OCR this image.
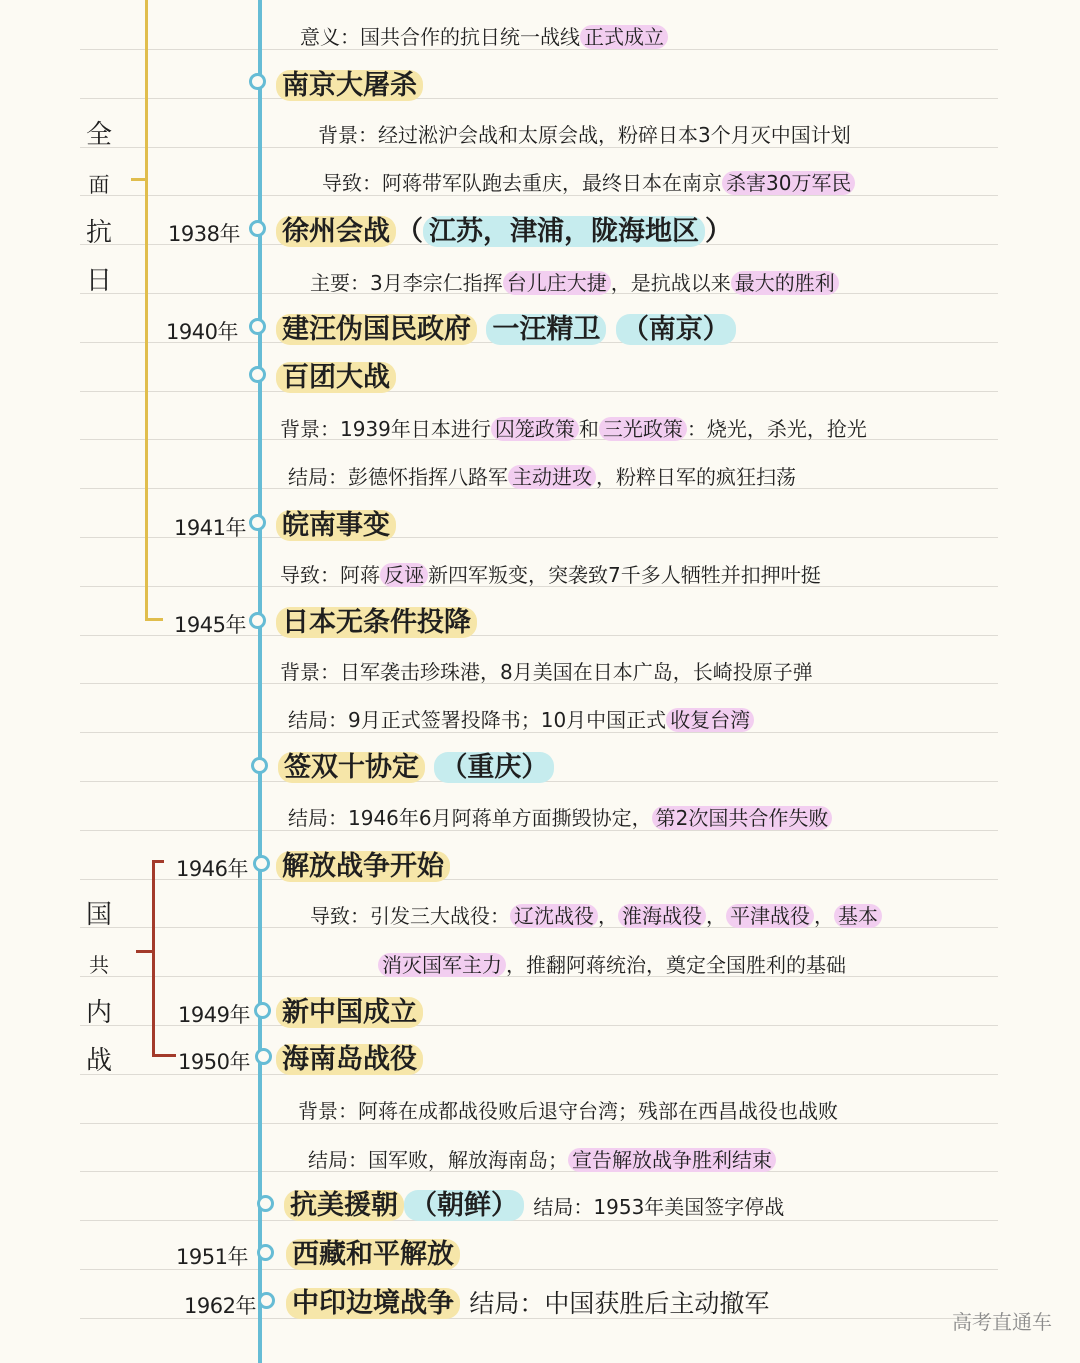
全
面
抗
日
国
共
内
战
意义：国共合作的抗日统一战线 正式成立
南京大屠杀
背景：经过淞沪会战和太原会战，粉碎日本3个月灭中国计划
导致：阿蒋带军队跑去重庆，最终日本在南京 杀害30万军民
1938年 徐州会战 （ 江苏，津浦，陇海地区 ）
主要：3月李宗仁指挥 台儿庄大捷 ，是抗战以来 最大的胜利
1940年 建汪伪国民政府 一汪精卫 （南京）
百团大战
背景：1939年日本进行 囚笼政策 和 三光政策 ：烧光，杀光，抢光
结局：彭德怀指挥八路军 主动进攻 ，粉粹日军的疯狂扫荡
1941年 皖南事变
导致：阿蒋 反诬 新四军叛变，突袭致7千多人牺牲并扣押叶挺
1945年 日本无条件投降
背景：日军袭击珍珠港，8月美国在日本广岛，长崎投原子弹
结局：9月正式签署投降书；10月中国正式 收复台湾
签双十协定 （重庆）
结局：1946年6月阿蒋单方面撕毁协定， 第2次国共合作失败
1946年 解放战争开始
导致：引发三大战役： 辽沈战役 ， 淮海战役 ， 平津战役 ， 基本
消灭国军主力 ，推翻阿蒋统治，奠定全国胜利的基础
1949年 新中国成立
1950年 海南岛战役
背景：阿蒋在成都战役败后退守台湾；残部在西昌战役也战败
结局：国军败，解放海南岛； 宣告解放战争胜利结束
抗美援朝 （朝鲜） 结局：1953年美国签字停战
1951年 西藏和平解放
1962年 中印边境战争 结局：中国获胜后主动撤军
高考直通车
